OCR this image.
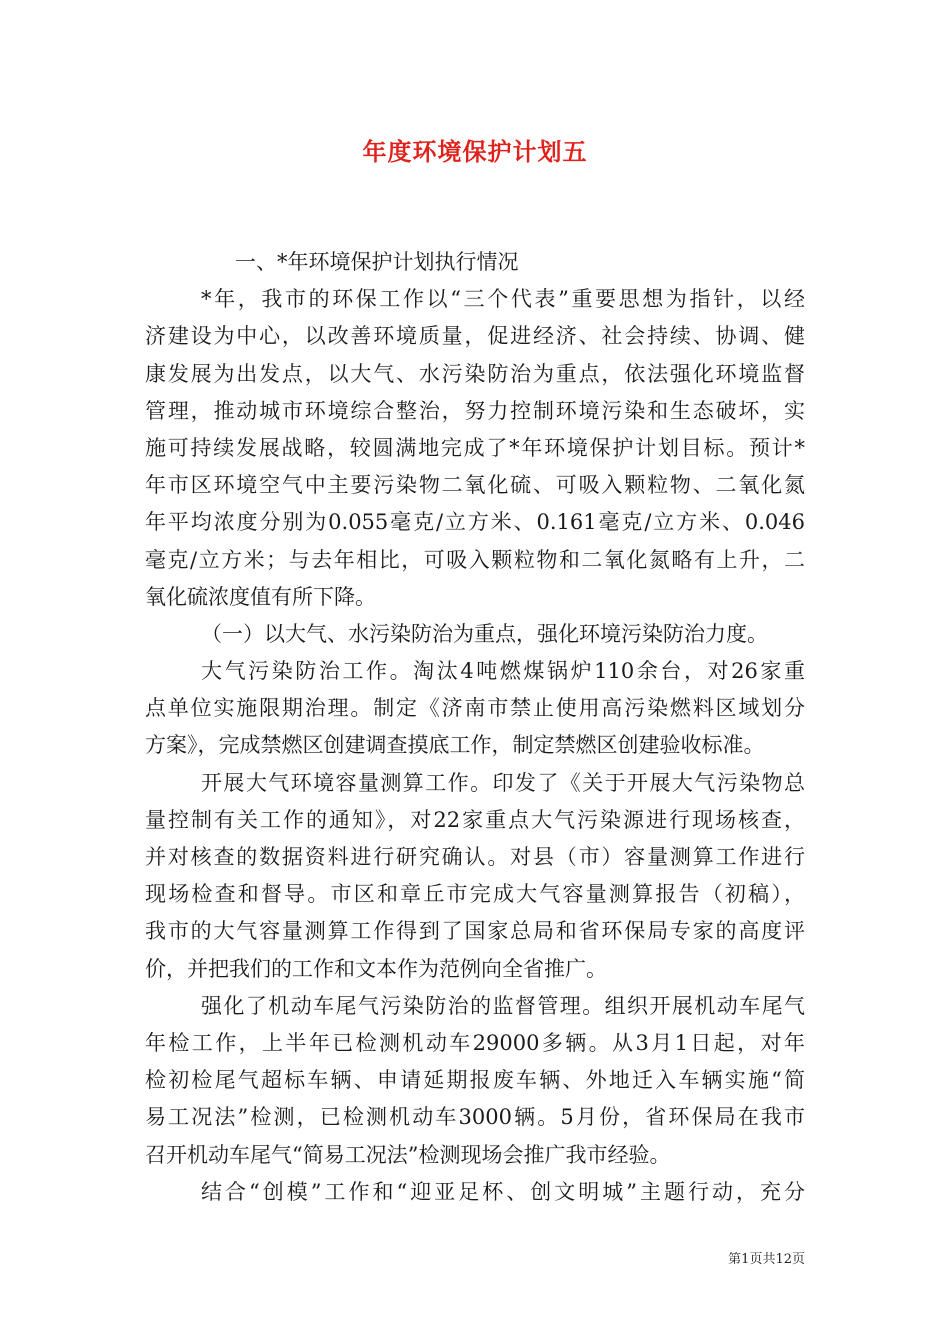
年度环境保护计划五
一、*年环境保护计划执行情况
*年，我市的环保工作以“三个代表”重要思想为指针，以经
济建设为中心，以改善环境质量，促进经济、社会持续、协调、健
康发展为出发点，以大气、水污染防治为重点，依法强化环境监督
管理，推动城市环境综合整治，努力控制环境污染和生态破坏，实
施可持续发展战略，较圆满地完成了*年环境保护计划目标。预计*
年市区环境空气中主要污染物二氧化硫、可吸入颗粒物、二氧化氮
年平均浓度分别为0.055毫克/立方米、0.161毫克/立方米、0.046
毫克/立方米；与去年相比，可吸入颗粒物和二氧化氮略有上升，二
氧化硫浓度值有所下降。
（一）以大气、水污染防治为重点，强化环境污染防治力度。
大气污染防治工作。淘汰4吨燃煤锅炉110余台，对26家重
点单位实施限期治理。制定《济南市禁止使用高污染燃料区域划分
方案》，完成禁燃区创建调查摸底工作，制定禁燃区创建验收标准。
开展大气环境容量测算工作。印发了《关于开展大气污染物总
量控制有关工作的通知》，对22家重点大气污染源进行现场核查，
并对核查的数据资料进行研究确认。对县（市）容量测算工作进行
现场检查和督导。市区和章丘市完成大气容量测算报告（初稿），
我市的大气容量测算工作得到了国家总局和省环保局专家的高度评
价，并把我们的工作和文本作为范例向全省推广。
强化了机动车尾气污染防治的监督管理。组织开展机动车尾气
年检工作，上半年已检测机动车29000多辆。从3月1日起，对年
检初检尾气超标车辆、申请延期报废车辆、外地迁入车辆实施“简
易工况法”检测，已检测机动车3000辆。5月份，省环保局在我市
召开机动车尾气“简易工况法”检测现场会推广我市经验。
结合“创模”工作和“迎亚足杯、创文明城”主题行动，充分
第1页共12页
